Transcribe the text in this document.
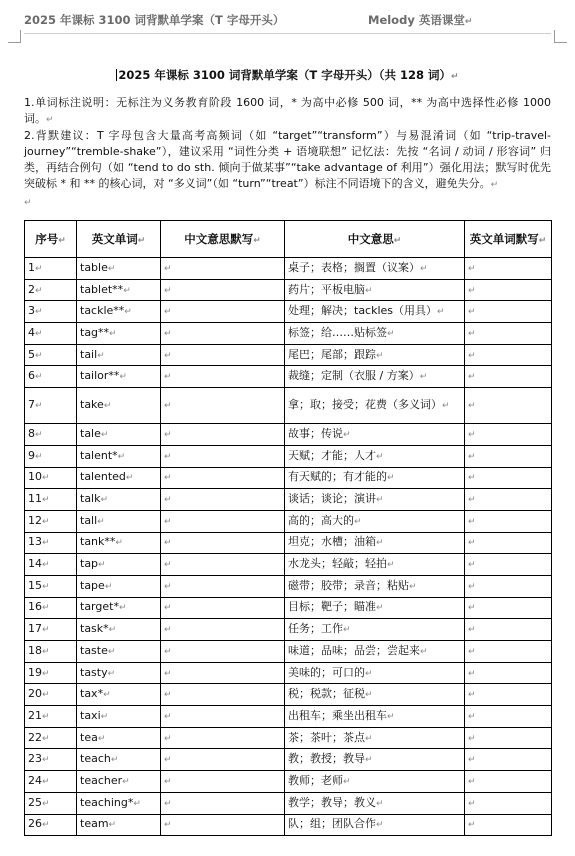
2025 年课标 3100 词背默单学案（T 字母开头）	Melody 英语课堂↵
2025 年课标 3100 词背默单学案（T 字母开头）（共 128 词）↵

1.单词标注说明：无标注为义务教育阶段 1600 词，* 为高中必修 500 词，** 为高中选择性必修 1000 词。↵

2.背默建议：T 字母包含大量高考高频词（如 “target”“transform”）与易混淆词（如 “trip-travel-journey”“tremble-shake”），建议采用 “词性分类 + 语境联想” 记忆法：先按 “名词 / 动词 / 形容词” 归类，再结合例句（如 “tend to do sth. 倾向于做某事”“take advantage of 利用”）强化用法；默写时优先突破标 * 和 ** 的核心词，对 “多义词”（如 “turn”“treat”）标注不同语境下的含义，避免失分。↵

↵
序号↵	英文单词↵	中文意思默写↵	中文意思↵	英文单词默写↵
1↵	table↵	↵	桌子；表格；搁置（议案）↵	↵
2↵	tablet**↵	↵	药片；平板电脑↵	↵
3↵	tackle**↵	↵	处理；解决；tackles（用具）↵	↵
4↵	tag**↵	↵	标签；给……贴标签↵	↵
5↵	tail↵	↵	尾巴；尾部；跟踪↵	↵
6↵	tailor**↵	↵	裁缝；定制（衣服 / 方案）↵	↵
7↵	take↵	↵	拿；取；接受；花费（多义词）↵	↵
8↵	tale↵	↵	故事；传说↵	↵
9↵	talent*↵	↵	天赋；才能；人才↵	↵
10↵	talented↵	↵	有天赋的；有才能的↵	↵
11↵	talk↵	↵	谈话；谈论；演讲↵	↵
12↵	tall↵	↵	高的；高大的↵	↵
13↵	tank**↵	↵	坦克；水槽；油箱↵	↵
14↵	tap↵	↵	水龙头；轻敲；轻拍↵	↵
15↵	tape↵	↵	磁带；胶带；录音；粘贴↵	↵
16↵	target*↵	↵	目标；靶子；瞄准↵	↵
17↵	task*↵	↵	任务；工作↵	↵
18↵	taste↵	↵	味道；品味；品尝；尝起来↵	↵
19↵	tasty↵	↵	美味的；可口的↵	↵
20↵	tax*↵	↵	税；税款；征税↵	↵
21↵	taxi↵	↵	出租车；乘坐出租车↵	↵
22↵	tea↵	↵	茶；茶叶；茶点↵	↵
23↵	teach↵	↵	教；教授；教导↵	↵
24↵	teacher↵	↵	教师；老师↵	↵
25↵	teaching*↵	↵	教学；教导；教义↵	↵
26↵	team↵	↵	队；组；团队合作↵	↵
